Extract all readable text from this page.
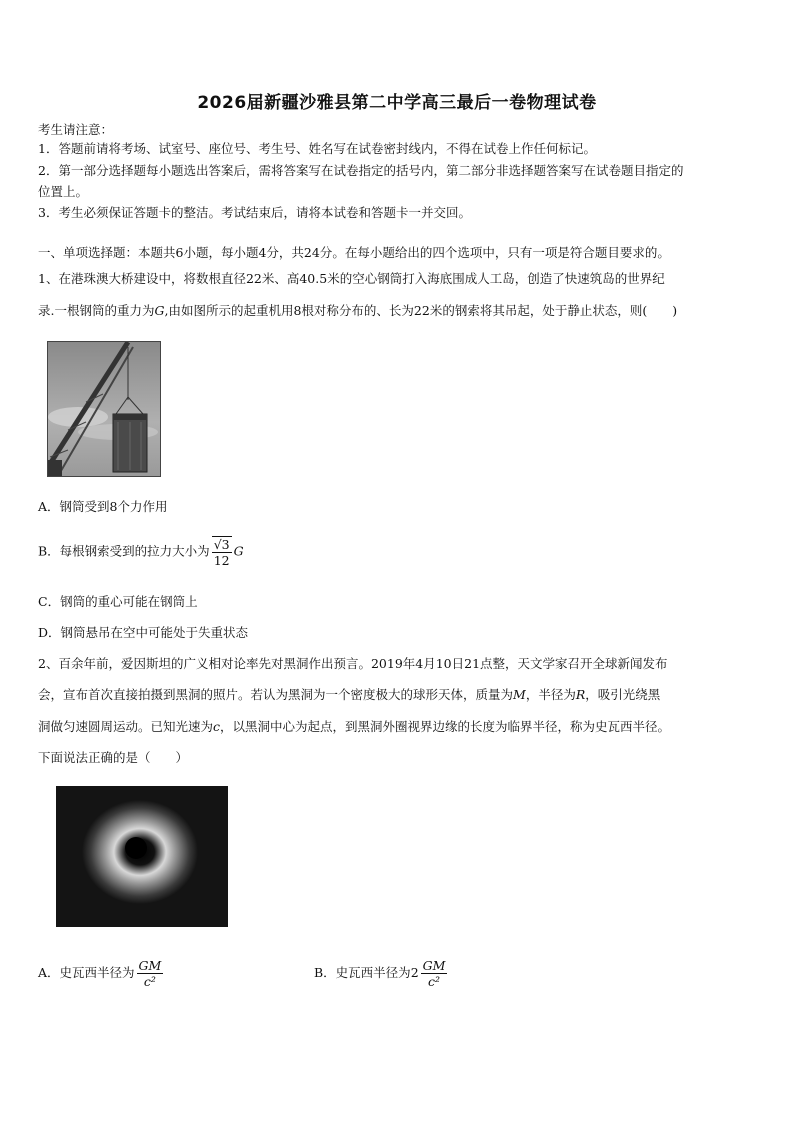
2026届新疆沙雅县第二中学高三最后一卷物理试卷
考生请注意：
1．答题前请将考场、试室号、座位号、考生号、姓名写在试卷密封线内，不得在试卷上作任何标记。
2．第一部分选择题每小题选出答案后，需将答案写在试卷指定的括号内，第二部分非选择题答案写在试卷题目指定的
位置上。
3．考生必须保证答题卡的整洁。考试结束后，请将本试卷和答题卡一并交回。
一、单项选择题：本题共6小题，每小题4分，共24分。在每小题给出的四个选项中，只有一项是符合题目要求的。
1、在港珠澳大桥建设中，将数根直径22米、高40.5米的空心钢筒打入海底围成人工岛，创造了快速筑岛的世界纪
录.一根钢筒的重力为G,由如图所示的起重机用8根对称分布的、长为22米的钢索将其吊起，处于静止状态，则(　　)
A．钢筒受到8个力作用
B．每根钢索受到的拉力大小为 $\frac{√3}{12}$ G
C．钢筒的重心可能在钢筒上
D．钢筒悬吊在空中可能处于失重状态
2、百余年前，爱因斯坦的广义相对论率先对黑洞作出预言。2019年4月10日21点整，天文学家召开全球新闻发布
会，宣布首次直接拍摄到黑洞的照片。若认为黑洞为一个密度极大的球形天体，质量为M，半径为R，吸引光绕黑
洞做匀速圆周运动。已知光速为c，以黑洞中心为起点，到黑洞外圈视界边缘的长度为临界半径，称为史瓦西半径。
下面说法正确的是（　　）
A．史瓦西半径为 $\frac{GM}{\text{c²}}$	B．史瓦西半径为$2 \frac{GM}{\text{c²}}$
